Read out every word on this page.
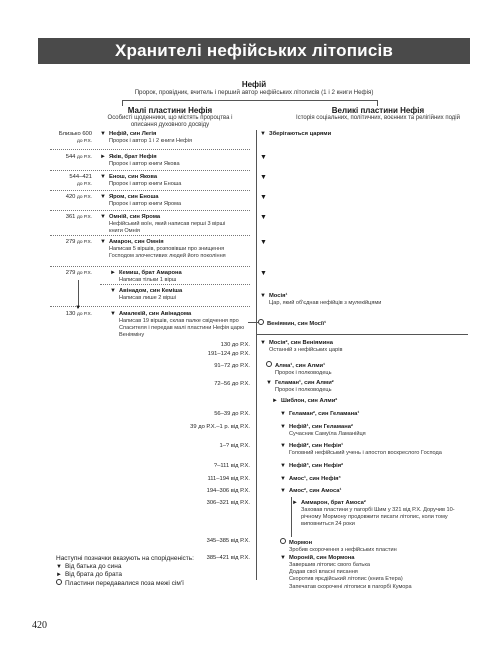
Хранителі нефійських літописів
Нефій
Пророк, провідник, вчитель і перший автор нефійських літописів (1 і 2 книги Нефія)
Малі пластини Нефія
Особисті щоденники, що містять пророцтва і описання духовного досвіду
Великі пластини Нефія
Історія соціальних, політичних, воєнних та релігійних подій
Близько 600
до Р.Х.
▼ Нефій, син Легія
Пророк і автор 1 і 2 книги Нефія
544 до Р.Х. ► Яків, брат Нефія
Пророк і автор книги Якова
544–421
до Р.Х.
▼ Енош, син Якова
Пророк і автор книги Еноша
420 до Р.Х. ▼ Яром, син Еноша
Пророк і автор книги Ярома
361 до Р.Х. ▼ Омній, син Ярома
Нефійський воїн, який написав перші 3 вірші книги Омнія
279 до Р.Х. ▼ Амарон, син Омнія
Написав 5 віршів, розповівши про знищення Господом злочестивих людей його покоління
279 до Р.Х.	► Кемиш, брат Амарона
Написав тільки 1 вірш
▼ Авінадом, син Кеміша
Написав лише 2 вірші
130 до Р.Х.	▼ Амалекій, син Авінадома
Написав 19 віршів, склав палке свідчення про Спасителя і передав малі пластини Нефія царю Веніяміну
▼
▼ Зберігаються царями
▼
▼
▼
▼
▼
▼
▼ Мосія¹
Цар, який об'єднав нефійців з мулекійцями
Веніямин, син Мосії¹
▼ Мосія², син Веніямина
Останній з нефійських царів
Алма¹, син Алми¹
Пророк і полководець
▼ Геламан¹, син Алми²
Пророк і полководець
► Шиблон, син Алми²
▼ Геламан², син Геламана¹
▼ Нефій¹, син Геламана²
Сучасник Самуїла Ламанійця
▼ Нефій², син Нефія¹
Головний нефійський учень і апостол воскреслого Господа
▼ Нефій³, син Нефія²
▼ Амос¹, син Нефія³
▼ Амос², син Амоса¹
► Аммарон, брат Амоса²
Заховав пластини у пагорбі Шим у 321 від Р.Х. Доручив 10-річному Мормону продовжити писати літопис, коли тому виповниться 24 роки
Мормон
Зробив скорочення з нефійських пластин
▼ Мороній, син Мормона
Завершив літопис свого батька
Додав свої власні писання
Скоротив ярєдійський літопис (книга Етера)
Запечатав скорочені літописи в пагорбі Кумора
130 до Р.Х.
191–124 до Р.Х.
91–72 до Р.Х.
72–56 до Р.Х.
56–39 до Р.Х.
39 до Р.Х.–1 р. від Р.Х.
1–? від Р.Х.
?–111 від Р.Х.
111–194 від Р.Х.
194–306 від Р.Х.
306–321 від Р.Х.
345–385 від Р.Х.
385–421 від Р.Х.
Наступні позначки вказують на спорідненість:
▼ Від батька до сина
► Від брата до брата
Пластини передавалися поза межі сім'ї
420
